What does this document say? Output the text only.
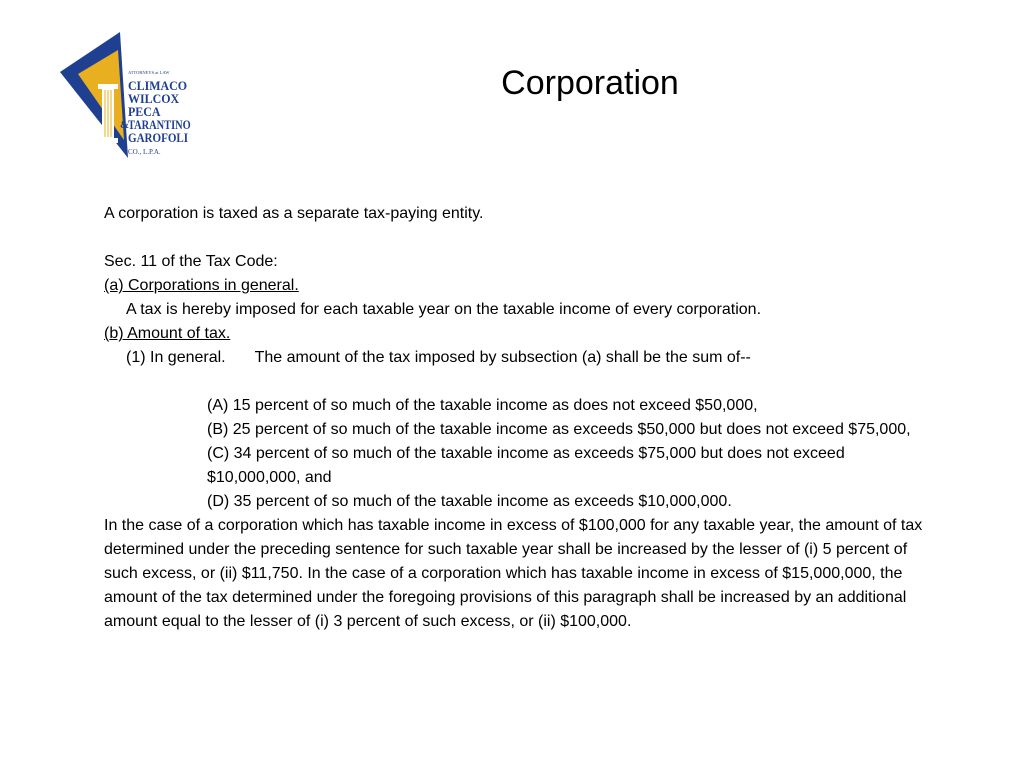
ATTORNEYS at LAW
CLIMACO
WILCOX
PECA
&
TARANTINO
GAROFOLI
CO., L.P.A.
Corporation

A corporation is taxed as a separate tax-paying entity.

Sec. 11 of the Tax Code:

(a) Corporations in general.

A tax is hereby imposed for each taxable year on the taxable income of every corporation.

(b) Amount of tax.

(1) In general. The amount of the tax imposed by subsection (a) shall be the sum of--

(A) 15 percent of so much of the taxable income as does not exceed $50,000,

(B) 25 percent of so much of the taxable income as exceeds $50,000 but does not exceed $75,000,

(C) 34 percent of so much of the taxable income as exceeds $75,000 but does not exceed $10,000,000, and

(D) 35 percent of so much of the taxable income as exceeds $10,000,000.

In the case of a corporation which has taxable income in excess of $100,000 for any taxable year, the amount of tax determined under the preceding sentence for such taxable year shall be increased by the lesser of (i) 5 percent of such excess, or (ii) $11,750. In the case of a corporation which has taxable income in excess of $15,000,000, the amount of the tax determined under the foregoing provisions of this paragraph shall be increased by an additional amount equal to the lesser of (i) 3 percent of such excess, or (ii) $100,000.
